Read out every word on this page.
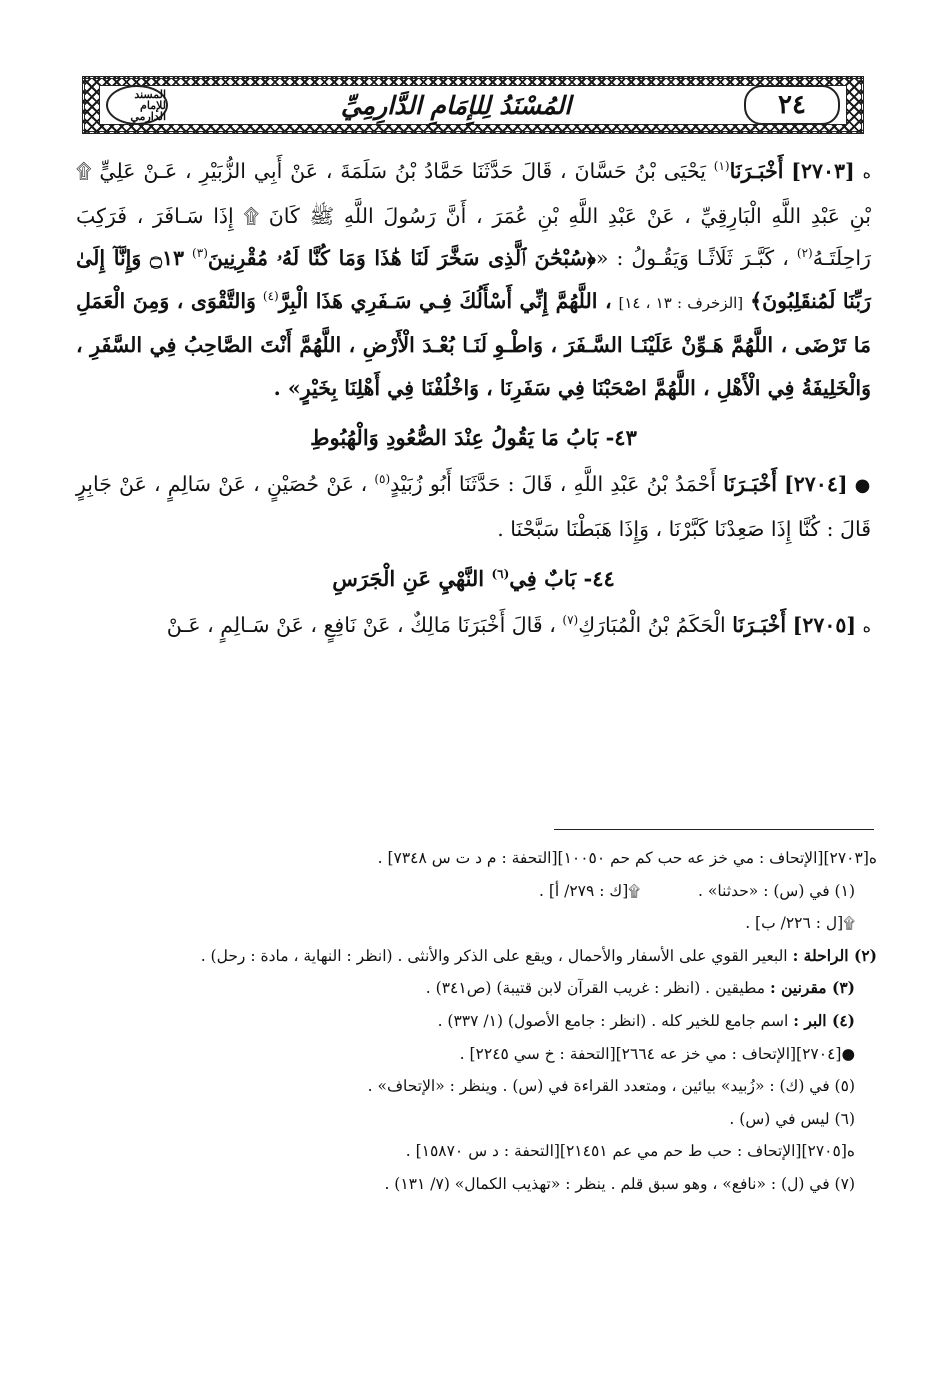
٢٤
المُسْنَدُ لِلإِمَامِ الدَّارِمِيِّ
المسند للإمام الدارمي

ه [٢٧٠٣] أَخْبَـرَنَا$^{(١)}$ يَحْيَى بْنُ حَسَّانَ ، قَالَ حَدَّثَنَا حَمَّادُ بْنُ سَلَمَةَ ، عَنْ أَبِي الزُّبَيْرِ ، عَـنْ عَلِيٍّ ۩ بْنِ عَبْدِ اللَّهِ الْبَارِقِيِّ ، عَنْ عَبْدِ اللَّهِ بْنِ عُمَرَ ، أَنَّ رَسُولَ اللَّهِ ﷺ كَانَ ۩ إِذَا سَـافَرَ ، فَرَكِبَ رَاحِلَتَـهُ$^{(٢)}$ ، كَبَّـرَ ثَلَاثًـا وَيَقُـولُ : «﴿سُبْحَٰنَ ٱلَّذِى سَخَّرَ لَنَا هَٰذَا وَمَا كُنَّا لَهُۥ مُقْرِنِينَ$^{(٣)}$ ۝١٣ وَإِنَّآ إِلَىٰ رَبِّنَا لَمُنقَلِبُونَ﴾ [الزخرف : ١٣ ، ١٤] ، اللَّهُمَّ إِنِّي أَسْأَلُكَ فِـي سَـفَرِي هَذَا الْبِرَّ$^{(٤)}$ وَالتَّقْوَى ، وَمِنَ الْعَمَلِ مَا تَرْضَى ، اللَّهُمَّ هَـوِّنْ عَلَيْنَـا السَّـفَرَ ، وَاطْـوِ لَنَـا بُعْـدَ الْأَرْضِ ، اللَّهُمَّ أَنْتَ الصَّاحِبُ فِي السَّفَرِ ، وَالْخَلِيفَةُ فِي الْأَهْلِ ، اللَّهُمَّ اصْحَبْنَا فِي سَفَرِنَا ، وَاخْلُفْنَا فِي أَهْلِنَا بِخَيْرٍ» .

٤٣- بَابُ مَا يَقُولُ عِنْدَ الصُّعُودِ وَالْهُبُوطِ

● [٢٧٠٤] أَخْبَـرَنَا أَحْمَدُ بْنُ عَبْدِ اللَّهِ ، قَالَ : حَدَّثَنَا أَبُو زُبَيْدٍ$^{(٥)}$ ، عَنْ حُصَيْنٍ ، عَنْ سَالِمٍ ، عَنْ جَابِرٍ قَالَ : كُنَّا إِذَا صَعِدْنَا كَبَّرْنَا ، وَإِذَا هَبَطْنَا سَبَّحْنَا .

٤٤- بَابٌ فِي$^{(٦)}$ النَّهْيِ عَنِ الْجَرَسِ

ه [٢٧٠٥] أَخْبَـرَنَا الْحَكَمُ بْنُ الْمُبَارَكِ$^{(٧)}$ ، قَالَ أَخْبَرَنَا مَالِكٌ ، عَنْ نَافِعٍ ، عَنْ سَـالِمٍ ، عَـنْ

ه[٢٧٠٣][الإتحاف : مي خز عه حب كم حم ١٠٠٥٠][التحفة : م د ت س ٧٣٤٨] .

(١) في (س) : «حدثنا» .
۩[ك : ٢٧٩/ أ] .

۩[ل : ٢٢٦/ ب] .

(٢) الراحلة : البعير القوي على الأسفار والأحمال ، ويقع على الذكر والأنثى . (انظر : النهاية ، مادة : رحل) .

(٣) مقرنين : مطيقين . (انظر : غريب القرآن لابن قتيبة) (ص٣٤١) .

(٤) البر : اسم جامع للخير كله . (انظر : جامع الأصول) (١/ ٣٣٧) .

●[٢٧٠٤][الإتحاف : مي خز عه ٢٦٦٤][التحفة : خ سي ٢٢٤٥] .

(٥) في (ك) : «زُبيد» بيائين ، ومتعدد القراءة في (س) . وينظر : «الإتحاف» .

(٦) ليس في (س) .

ه[٢٧٠٥][الإتحاف : حب ط حم مي عم ٢١٤٥١][التحفة : د س ١٥٨٧٠] .

(٧) في (ل) : «نافع» ، وهو سبق قلم . ينظر : «تهذيب الكمال» (٧/ ١٣١) .
